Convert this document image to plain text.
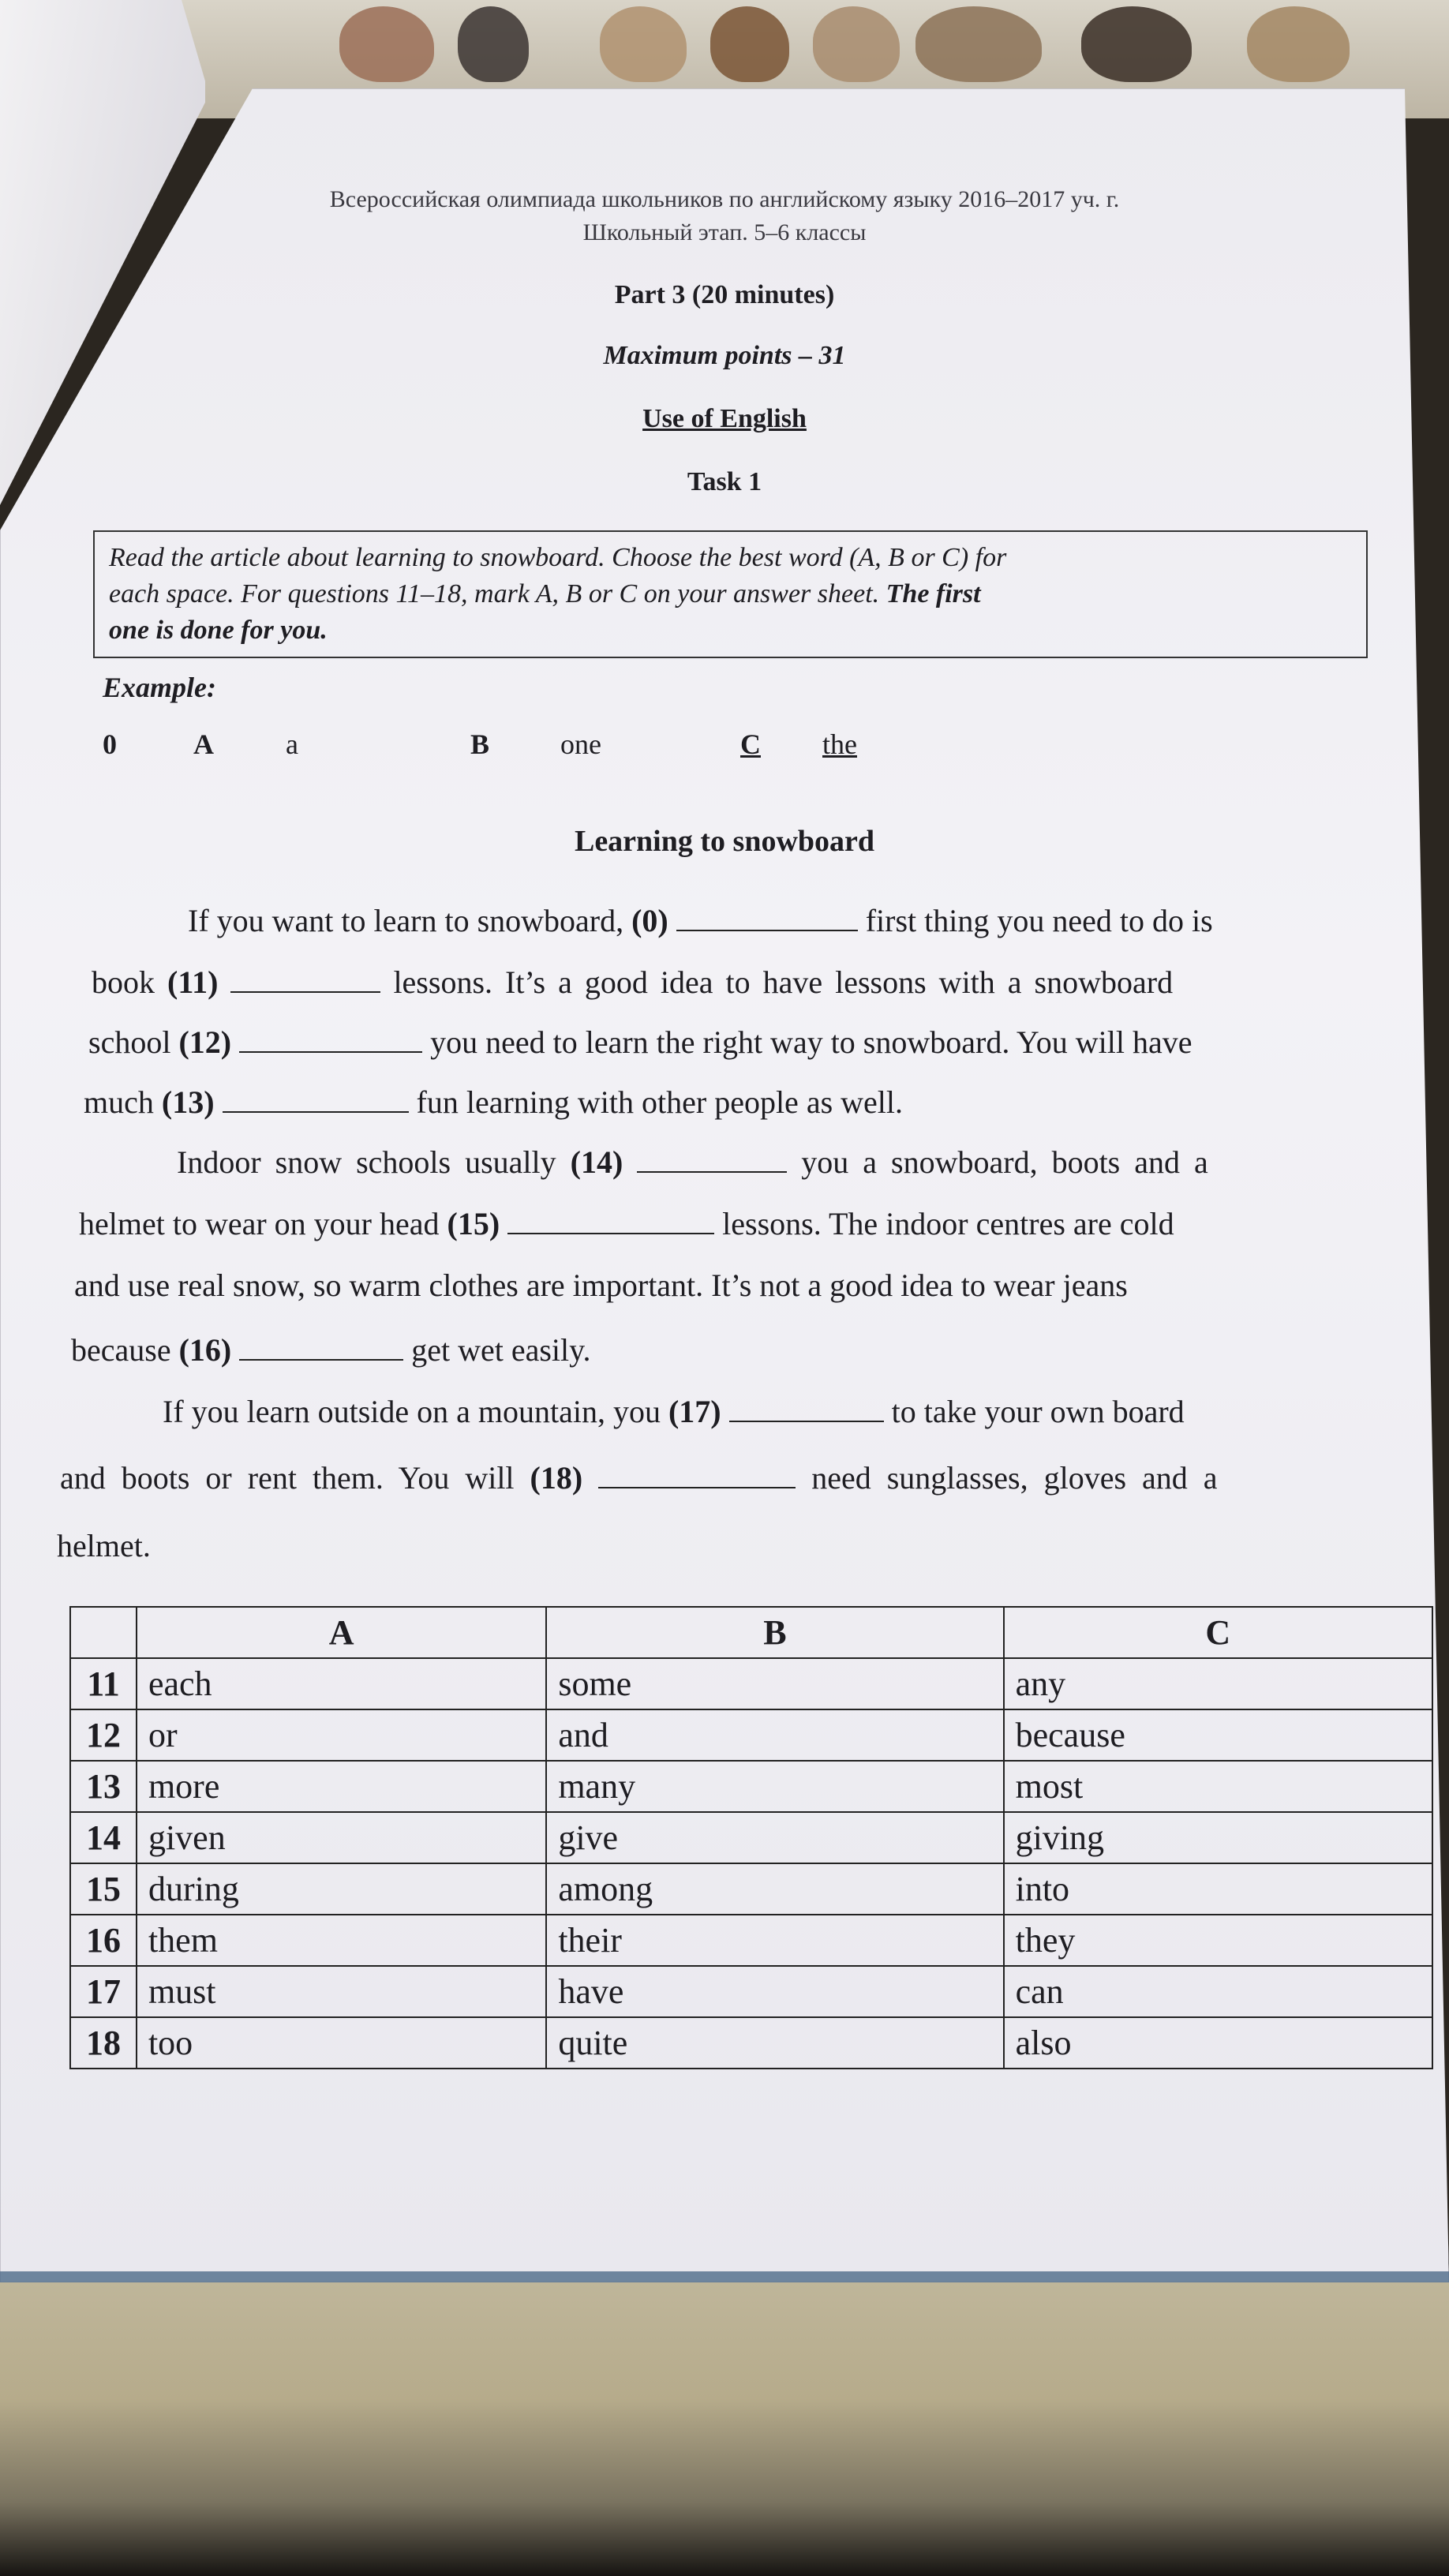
Всероссийская олимпиада школьников по английскому языку 2016–2017 уч. г.
Школьный этап. 5–6 классы
Part 3 (20 minutes)
Maximum points – 31
Use of English
Task 1
Read the article about learning to snowboard. Choose the best word (A, B or C) for
each space. For questions 11–18, mark A, B or C on your answer sheet. The first
one is done for you.
Example:
0	A	a	B one	C the
Learning to snowboard
If you want to learn to snowboard, (0)	first thing you need to do is
book (11)	lessons. It’s a good idea to have lessons with a snowboard
school (12)	you need to learn the right way to snowboard. You will have
much (13)	fun learning with other people as well.
Indoor snow schools usually (14)	you a snowboard, boots and a
helmet to wear on your head (15)	lessons. The indoor centres are cold
and use real snow, so warm clothes are important. It’s not a good idea to wear jeans
because (16)	get wet easily.
If you learn outside on a mountain, you (17)	to take your own board
and boots or rent them. You will (18)	need sunglasses, gloves and a
helmet.
	A	B	C
11	each	some	any
12	or	and	because
13	more	many	most
14	given	give	giving
15	during	among	into
16	them	their	they
17	must	have	can
18	too	quite	also
